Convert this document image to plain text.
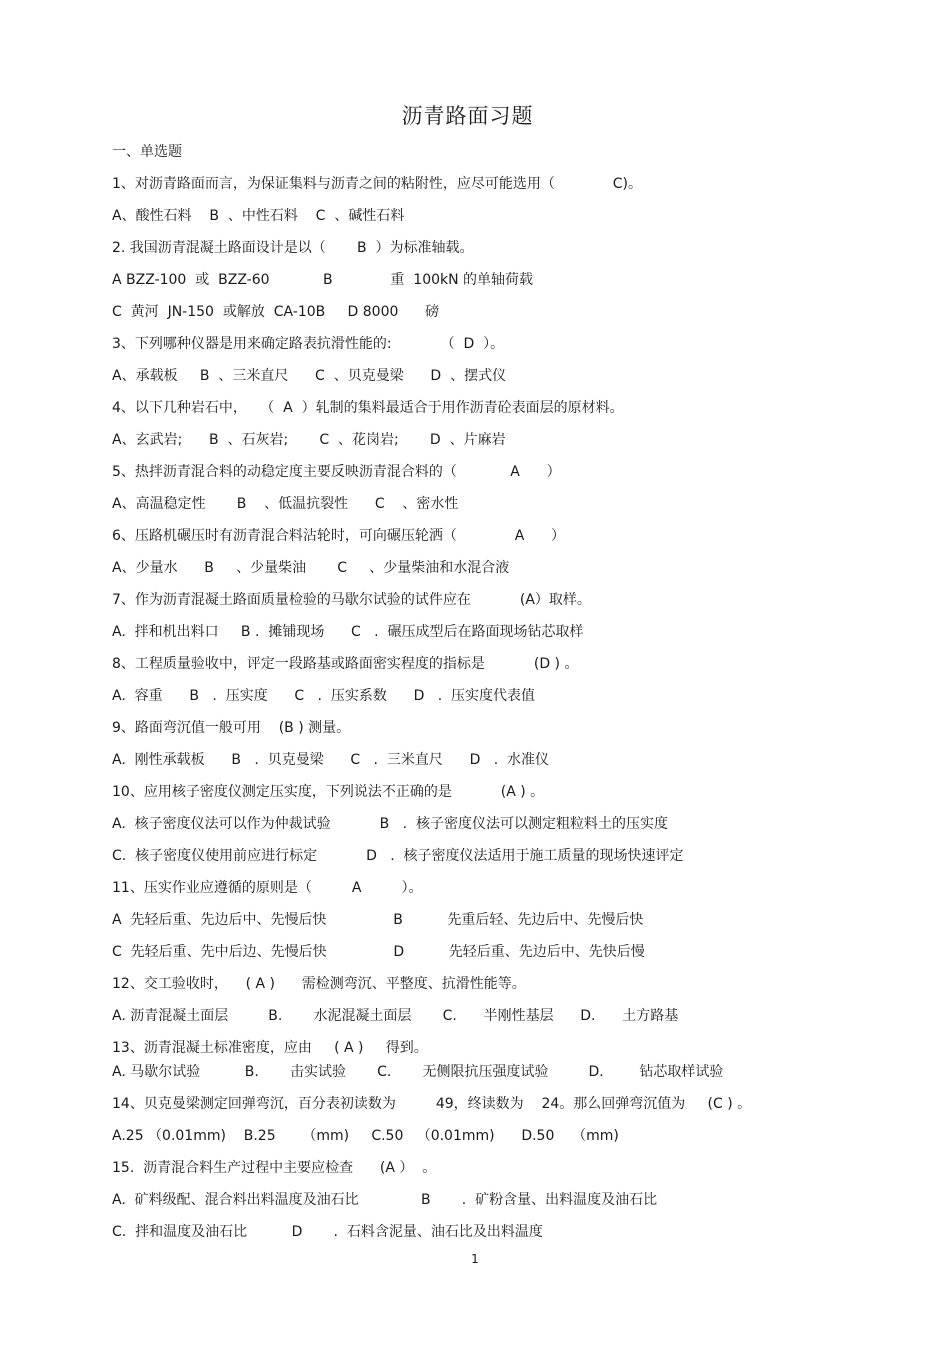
沥青路面习题
一、单选题
1、对沥青路面而言，为保证集料与沥青之间的粘附性，应尽可能选用（             C)。
A、酸性石料    B  、中性石料    C  、碱性石料
2. 我国沥青混凝土路面设计是以（       B  ）为标准轴载。
A BZZ-100  或  BZZ-60            B             重  100kN 的单轴荷载
C  黄河  JN-150  或解放  CA-10B     D 8000      磅
3、下列哪种仪器是用来确定路表抗滑性能的:           （  D  ）。
A、承载板     B  、三米直尺      C  、贝克曼梁      D  、摆式仪
4、以下几种岩石中，   （  A  ）轧制的集料最适合于用作沥青砼表面层的原材料。
A、玄武岩;      B  、石灰岩;       C  、花岗岩;       D  、片麻岩
5、热拌沥青混合料的动稳定度主要反映沥青混合料的（            A      ）
A、高温稳定性       B    、低温抗裂性      C    、密水性
6、压路机碾压时有沥青混合料沾轮时，可向碾压轮洒（             A      ）
A、少量水      B     、少量柴油       C     、少量柴油和水混合液
7、作为沥青混凝土路面质量检验的马歇尔试验的试件应在           (A）取样。
A.  拌和机出料口     B .  摊铺现场      C   .  碾压成型后在路面现场钻芯取样
8、工程质量验收中，评定一段路基或路面密实程度的指标是           (D ) 。
A.  容重      B   .  压实度      C   .  压实系数      D   .  压实度代表值
9、路面弯沉值一般可用    (B ) 测量。
A.  刚性承载板      B   .  贝克曼梁      C   .  三米直尺      D   .  水准仪
10、应用核子密度仪测定压实度，下列说法不正确的是           (A ) 。
A.  核子密度仪法可以作为仲裁试验           B   .  核子密度仪法可以测定粗粒料土的压实度
C.  核子密度仪使用前应进行标定           D   .  核子密度仪法适用于施工质量的现场快速评定
11、压实作业应遵循的原则是（         A         ）。
A  先轻后重、先边后中、先慢后快               B          先重后轻、先边后中、先慢后快
C  先轻后重、先中后边、先慢后快               D          先轻后重、先边后中、先快后慢
12、交工验收时，    ( A )      需检测弯沉、平整度、抗滑性能等。
A. 沥青混凝土面层         B.       水泥混凝土面层       C.      半刚性基层      D.      土方路基
13、沥青混凝土标准密度，应由     ( A )     得到。
A. 马歇尔试验          B.       击实试验       C.       无侧限抗压强度试验         D.        钻芯取样试验
14、贝克曼梁测定回弹弯沉，百分表初读数为         49，终读数为    24。那么回弹弯沉值为     (C ) 。
A.25 （0.01mm)    B.25      （mm)     C.50   （0.01mm)      D.50    （mm)
15.  沥青混合料生产过程中主要应检查      (A ）  。
A.  矿料级配、混合料出料温度及油石比              B       .  矿粉含量、出料温度及油石比
C.  拌和温度及油石比          D       .  石料含泥量、油石比及出料温度
1
